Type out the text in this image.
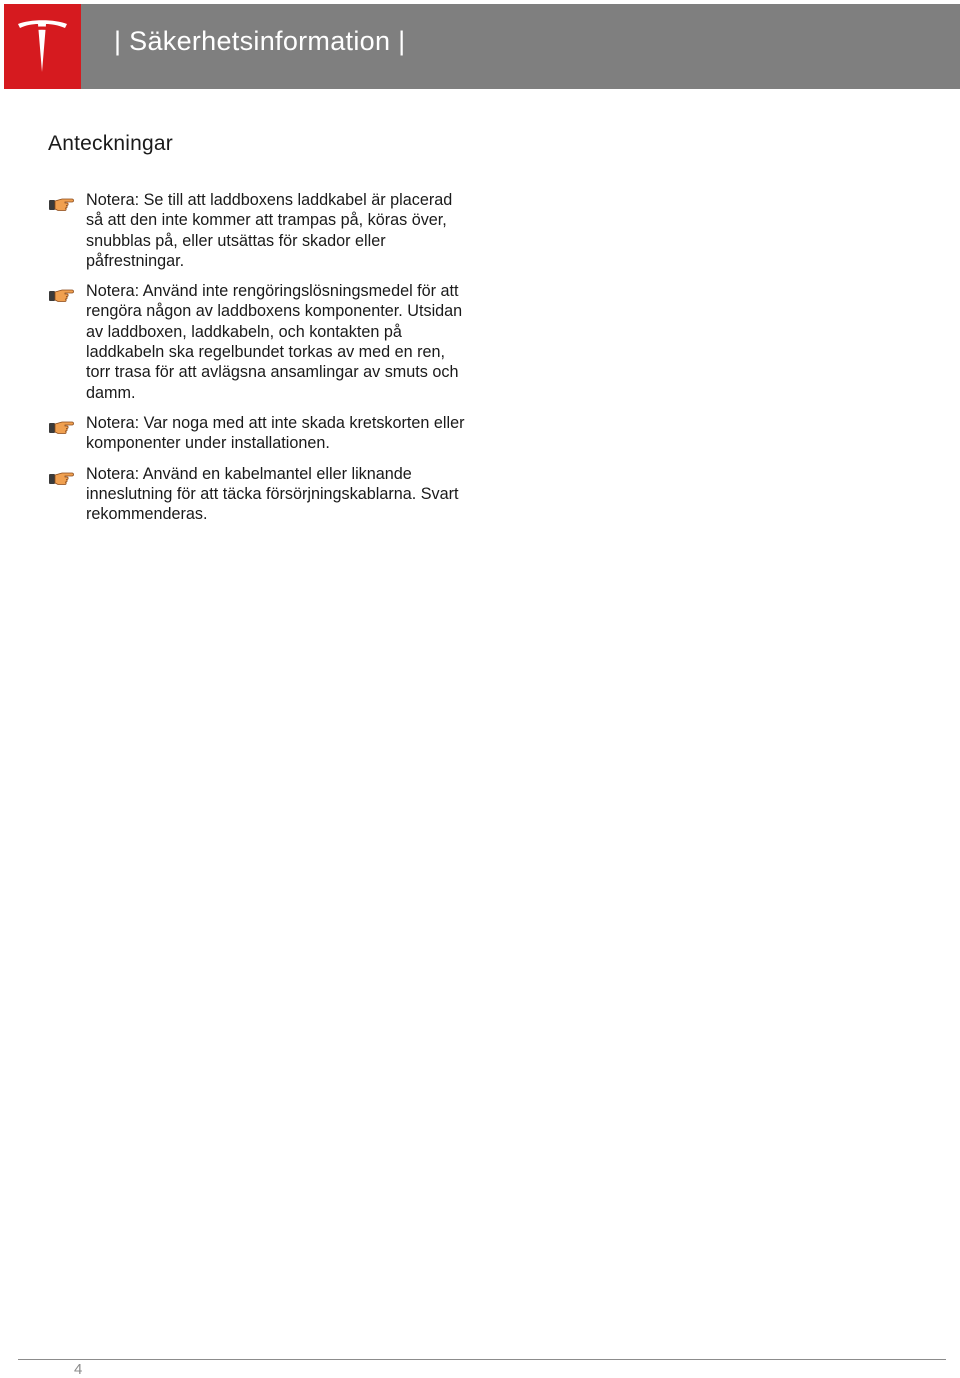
| Säkerhetsinformation |
Anteckningar
Notera: Se till att laddboxens laddkabel är placerad så att den inte kommer att trampas på, köras över, snubblas på, eller utsättas för skador eller påfrestningar.
Notera: Använd inte rengöringslösningsmedel för att rengöra någon av laddboxens komponenter. Utsidan av laddboxen, laddkabeln, och kontakten på laddkabeln ska regelbundet torkas av med en ren, torr trasa för att avlägsna ansamlingar av smuts och damm.
Notera: Var noga med att inte skada kretskorten eller komponenter under installationen.
Notera: Använd en kabelmantel eller liknande inneslutning för att täcka försörjningskablarna. Svart rekommenderas.
4
